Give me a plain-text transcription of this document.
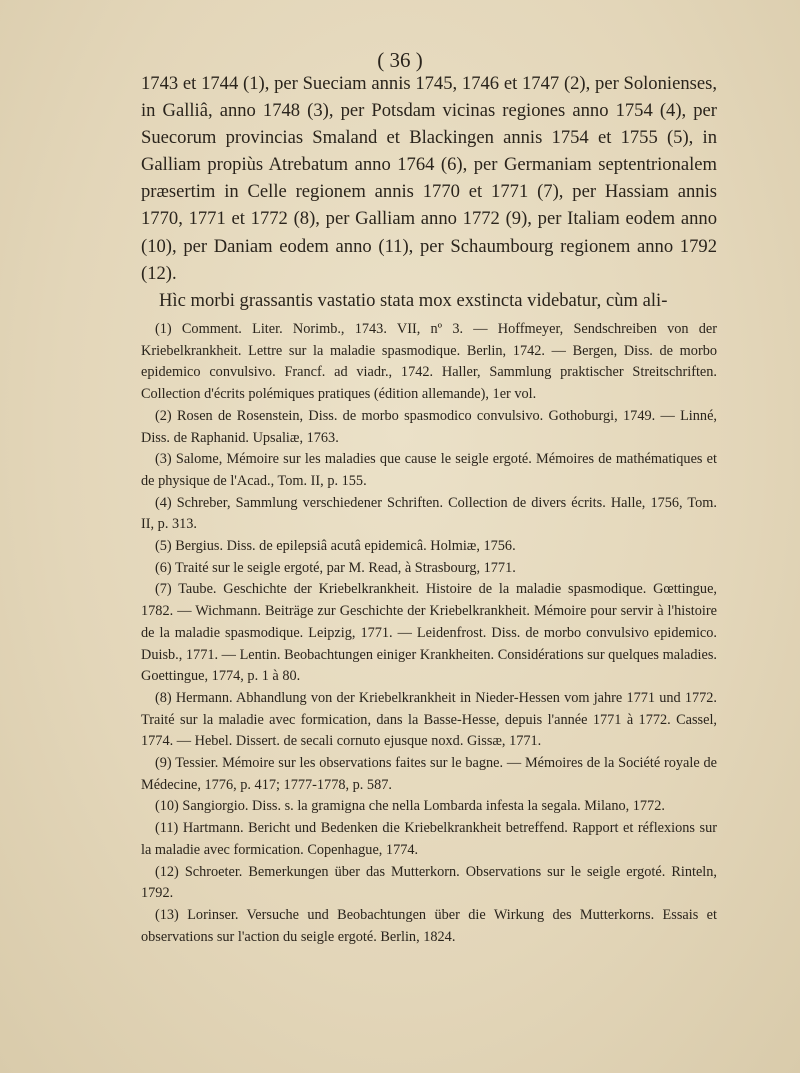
( 36 )

1743 et 1744 (1), per Sueciam annis 1745, 1746 et 1747 (2), per Solonienses, in Galliâ, anno 1748 (3), per Potsdam vicinas regiones anno 1754 (4), per Suecorum provincias Smaland et Blackingen annis 1754 et 1755 (5), in Galliam propiùs Atrebatum anno 1764 (6), per Germaniam septentrionalem præsertim in Celle regionem annis 1770 et 1771 (7), per Hassiam annis 1770, 1771 et 1772 (8), per Galliam anno 1772 (9), per Italiam eodem anno (10), per Daniam eodem anno (11), per Schaumbourg regionem anno 1792 (12).

Hìc morbi grassantis vastatio stata mox exstincta videbatur, cùm ali-

(1) Comment. Liter. Norimb., 1743. VII, nº 3. — Hoffmeyer, Sendschreiben von der Kriebelkrankheit. Lettre sur la maladie spasmodique. Berlin, 1742. — Bergen, Diss. de morbo epidemico convulsivo. Francf. ad viadr., 1742. Haller, Sammlung praktischer Streitschriften. Collection d'écrits polémiques pratiques (édition allemande), 1er vol.
(2) Rosen de Rosenstein, Diss. de morbo spasmodico convulsivo. Gothoburgi, 1749. — Linné, Diss. de Raphanid. Upsaliæ, 1763.
(3) Salome, Mémoire sur les maladies que cause le seigle ergoté. Mémoires de mathématiques et de physique de l'Acad., Tom. II, p. 155.
(4) Schreber, Sammlung verschiedener Schriften. Collection de divers écrits. Halle, 1756, Tom. II, p. 313.
(5) Bergius. Diss. de epilepsiâ acutâ epidemicâ. Holmiæ, 1756.
(6) Traité sur le seigle ergoté, par M. Read, à Strasbourg, 1771.
(7) Taube. Geschichte der Kriebelkrankheit. Histoire de la maladie spasmodique. Gœttingue, 1782. — Wichmann. Beiträge zur Geschichte der Kriebelkrankheit. Mémoire pour servir à l'histoire de la maladie spasmodique. Leipzig, 1771. — Leidenfrost. Diss. de morbo convulsivo epidemico. Duisb., 1771. — Lentin. Beobachtungen einiger Krankheiten. Considérations sur quelques maladies. Goettingue, 1774, p. 1 à 80.
(8) Hermann. Abhandlung von der Kriebelkrankheit in Nieder-Hessen vom jahre 1771 und 1772. Traité sur la maladie avec formication, dans la Basse-Hesse, depuis l'année 1771 à 1772. Cassel, 1774. — Hebel. Dissert. de secali cornuto ejusque noxd. Gissæ, 1771.
(9) Tessier. Mémoire sur les observations faites sur le bagne. — Mémoires de la Société royale de Médecine, 1776, p. 417; 1777-1778, p. 587.
(10) Sangiorgio. Diss. s. la gramigna che nella Lombarda infesta la segala. Milano, 1772.
(11) Hartmann. Bericht und Bedenken die Kriebelkrankheit betreffend. Rapport et réflexions sur la maladie avec formication. Copenhague, 1774.
(12) Schroeter. Bemerkungen über das Mutterkorn. Observations sur le seigle ergoté. Rinteln, 1792.
(13) Lorinser. Versuche und Beobachtungen über die Wirkung des Mutterkorns. Essais et observations sur l'action du seigle ergoté. Berlin, 1824.
